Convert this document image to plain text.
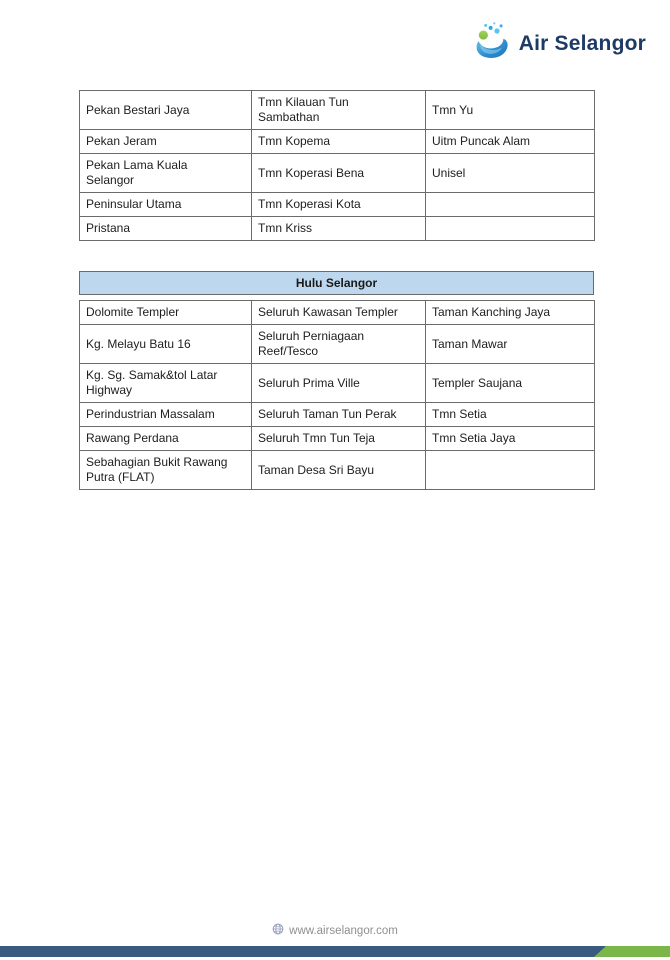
Air Selangor
Pekan Bestari Jaya	Tmn Kilauan Tun Sambathan	Tmn Yu
Pekan Jeram	Tmn Kopema	Uitm Puncak Alam
Pekan Lama Kuala Selangor	Tmn Koperasi Bena	Unisel
Peninsular Utama	Tmn Koperasi Kota	
Pristana	Tmn Kriss	
Hulu Selangor
Dolomite Templer	Seluruh Kawasan Templer	Taman Kanching Jaya
Kg. Melayu Batu 16	Seluruh Perniagaan Reef/Tesco	Taman Mawar
Kg. Sg. Samak&tol Latar Highway	Seluruh Prima Ville	Templer Saujana
Perindustrian Massalam	Seluruh Taman Tun Perak	Tmn Setia
Rawang Perdana	Seluruh Tmn Tun Teja	Tmn Setia Jaya
Sebahagian Bukit Rawang Putra (FLAT)	Taman Desa Sri Bayu	
www.airselangor.com
